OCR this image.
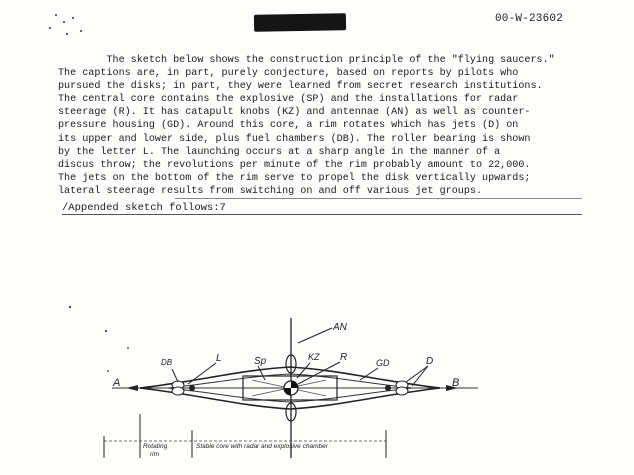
00-W-23602
The sketch below shows the construction principle of the "flying saucers."
The captions are, in part, purely conjecture, based on reports by pilots who
pursued the disks; in part, they were learned from secret research institutions.
The central core contains the explosive (SP) and the installations for radar
steerage (R). It has catapult knobs (KZ) and antennae (AN) as well as counter-
pressure housing (GD). Around this core, a rim rotates which has jets (D) on
its upper and lower side, plus fuel chambers (DB). The roller bearing is shown
by the letter L. The launching occurs at a sharp angle in the manner of a
discus throw; the revolutions per minute of the rim probably amount to 22,000.
The jets on the bottom of the rim serve to propel the disk vertically upwards;
lateral steerage results from switching on and off various jet groups.
/Appended sketch follows:7
AN
DB	L	Sp	KZ R	GD	D
A	B
Rotating
rim
Stable core with radar and explosive chamber
